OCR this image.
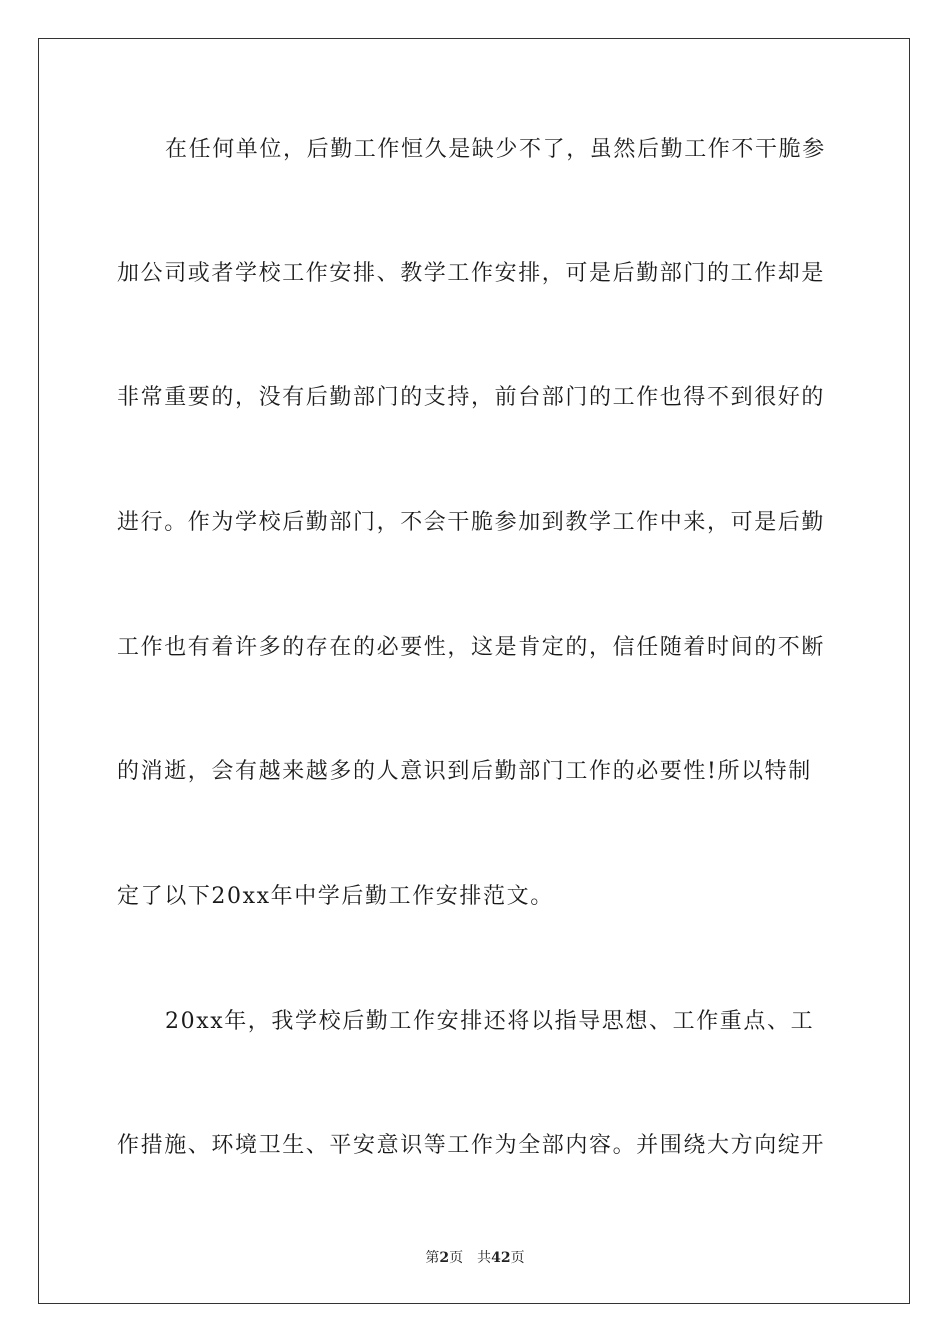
在任何单位，后勤工作恒久是缺少不了，虽然后勤工作不干脆参
加公司或者学校工作安排、教学工作安排，可是后勤部门的工作却是
非常重要的，没有后勤部门的支持，前台部门的工作也得不到很好的
进行。作为学校后勤部门，不会干脆参加到教学工作中来，可是后勤
工作也有着许多的存在的必要性，这是肯定的，信任随着时间的不断
的消逝，会有越来越多的人意识到后勤部门工作的必要性!所以特制
定了以下20xx年中学后勤工作安排范文。
20xx年，我学校后勤工作安排还将以指导思想、工作重点、工
作措施、环境卫生、平安意识等工作为全部内容。并围绕大方向绽开
第2页 共42页
